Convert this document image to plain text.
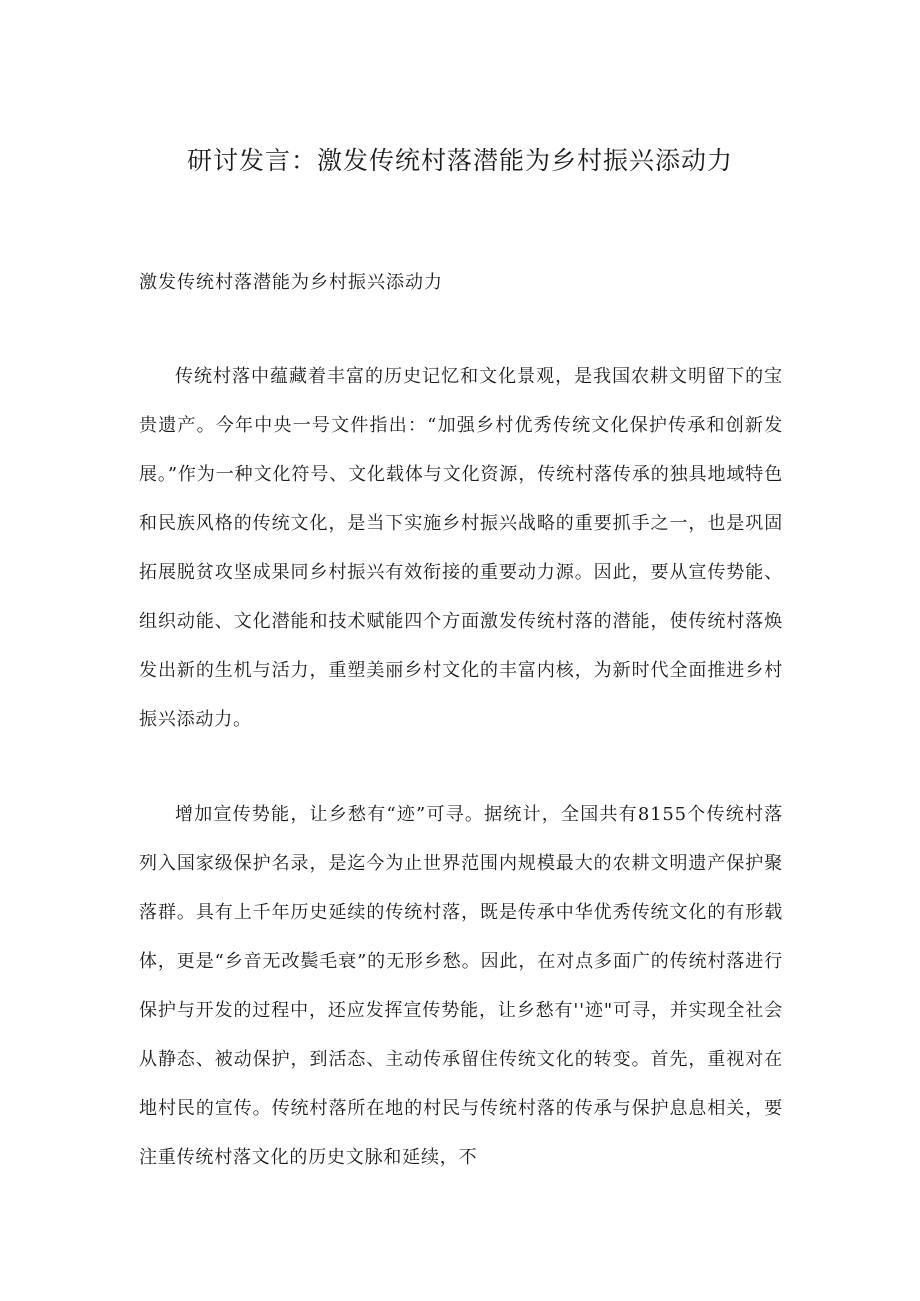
研讨发言：激发传统村落潜能为乡村振兴添动力

激发传统村落潜能为乡村振兴添动力

传统村落中蕴藏着丰富的历史记忆和文化景观，是我国农耕文明留下的宝贵遗产。今年中央一号文件指出：“加强乡村优秀传统文化保护传承和创新发展。”作为一种文化符号、文化载体与文化资源，传统村落传承的独具地域特色和民族风格的传统文化，是当下实施乡村振兴战略的重要抓手之一，也是巩固拓展脱贫攻坚成果同乡村振兴有效衔接的重要动力源。因此，要从宣传势能、组织动能、文化潜能和技术赋能四个方面激发传统村落的潜能，使传统村落焕发出新的生机与活力，重塑美丽乡村文化的丰富内核，为新时代全面推进乡村振兴添动力。

增加宣传势能，让乡愁有“迹”可寻。据统计，全国共有8155个传统村落列入国家级保护名录，是迄今为止世界范围内规模最大的农耕文明遗产保护聚落群。具有上千年历史延续的传统村落，既是传承中华优秀传统文化的有形载体，更是“乡音无改鬓毛衰”的无形乡愁。因此，在对点多面广的传统村落进行保护与开发的过程中，还应发挥宣传势能，让乡愁有''迹"可寻，并实现全社会从静态、被动保护，到活态、主动传承留住传统文化的转变。首先，重视对在地村民的宣传。传统村落所在地的村民与传统村落的传承与保护息息相关，要注重传统村落文化的历史文脉和延续，不
